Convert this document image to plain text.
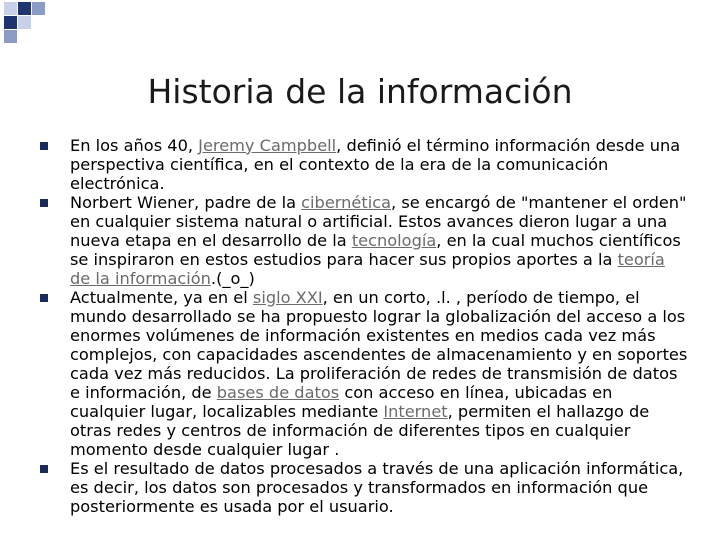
Historia de la información
En los años 40, Jeremy Campbell, definió el término información desde una perspectiva científica, en el contexto de la era de la comunicación electrónica.
Norbert Wiener, padre de la cibernética, se encargó de "mantener el orden" en cualquier sistema natural o artificial. Estos avances dieron lugar a una nueva etapa en el desarrollo de la tecnología, en la cual muchos científicos se inspiraron en estos estudios para hacer sus propios aportes a la teoría de la información.(_o_)
Actualmente, ya en el siglo XXI, en un corto, .l. , período de tiempo, el mundo desarrollado se ha propuesto lograr la globalización del acceso a los enormes volúmenes de información existentes en medios cada vez más complejos, con capacidades ascendentes de almacenamiento y en soportes cada vez más reducidos. La proliferación de redes de transmisión de datos e información, de bases de datos con acceso en línea, ubicadas en cualquier lugar, localizables mediante Internet, permiten el hallazgo de otras redes y centros de información de diferentes tipos en cualquier momento desde cualquier lugar .
Es el resultado de datos procesados a través de una aplicación informática, es decir, los datos son procesados y transformados en información que posteriormente es usada por el usuario.
